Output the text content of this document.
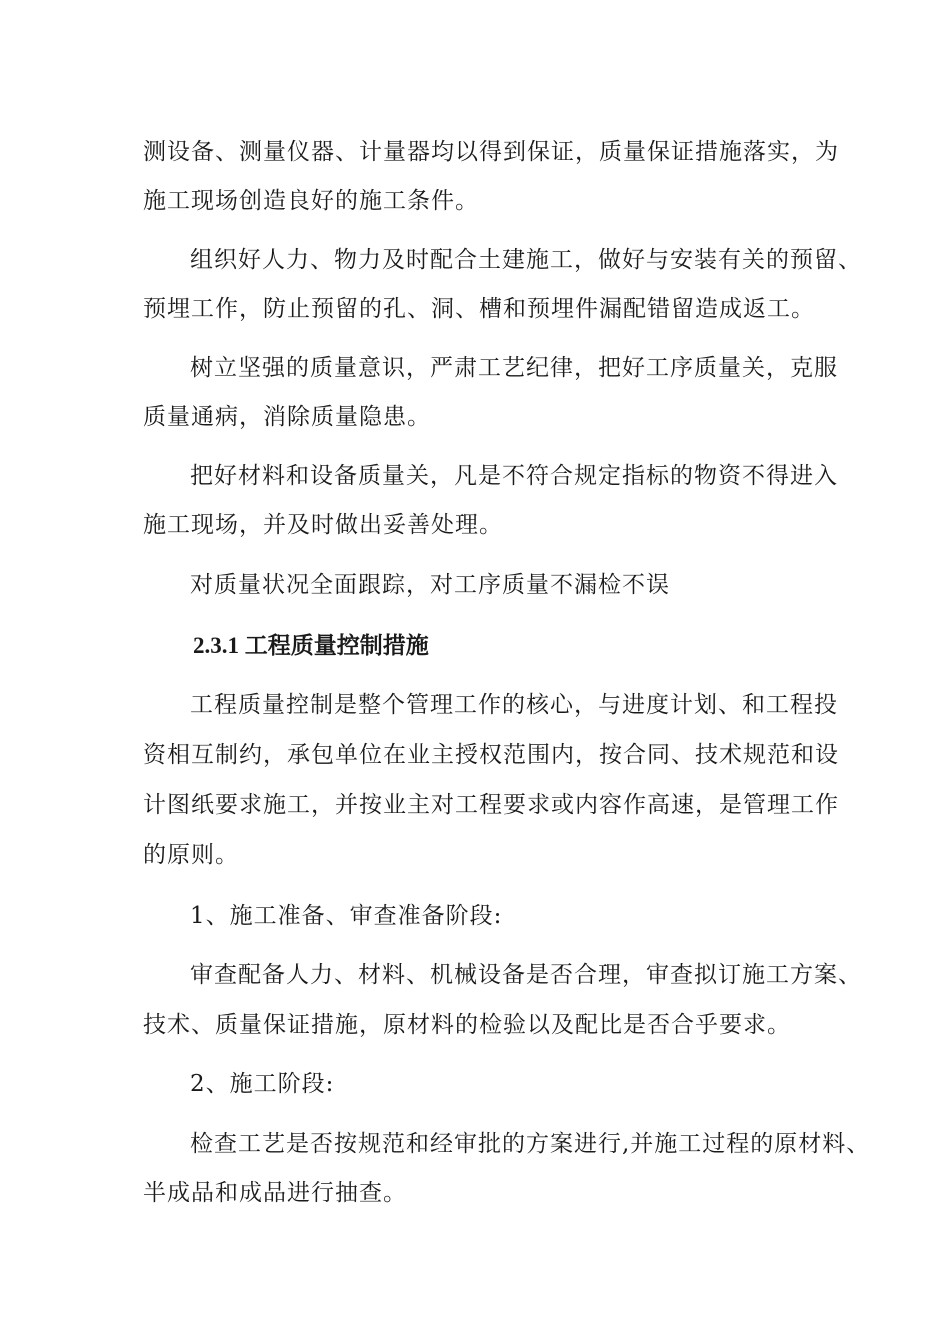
测设备、测量仪器、计量器均以得到保证，质量保证措施落实，为
施工现场创造良好的施工条件。
组织好人力、物力及时配合土建施工，做好与安装有关的预留、
预埋工作，防止预留的孔、洞、槽和预埋件漏配错留造成返工。
树立坚强的质量意识，严肃工艺纪律，把好工序质量关，克服
质量通病，消除质量隐患。
把好材料和设备质量关，凡是不符合规定指标的物资不得进入
施工现场，并及时做出妥善处理。
对质量状况全面跟踪，对工序质量不漏检不误
2.3.1 工程质量控制措施
工程质量控制是整个管理工作的核心，与进度计划、和工程投
资相互制约，承包单位在业主授权范围内，按合同、技术规范和设
计图纸要求施工，并按业主对工程要求或内容作高速，是管理工作
的原则。
1、施工准备、审查准备阶段:
审查配备人力、材料、机械设备是否合理，审查拟订施工方案、
技术、质量保证措施，原材料的检验以及配比是否合乎要求。
2、施工阶段:
检查工艺是否按规范和经审批的方案进行,并施工过程的原材料、
半成品和成品进行抽查。
